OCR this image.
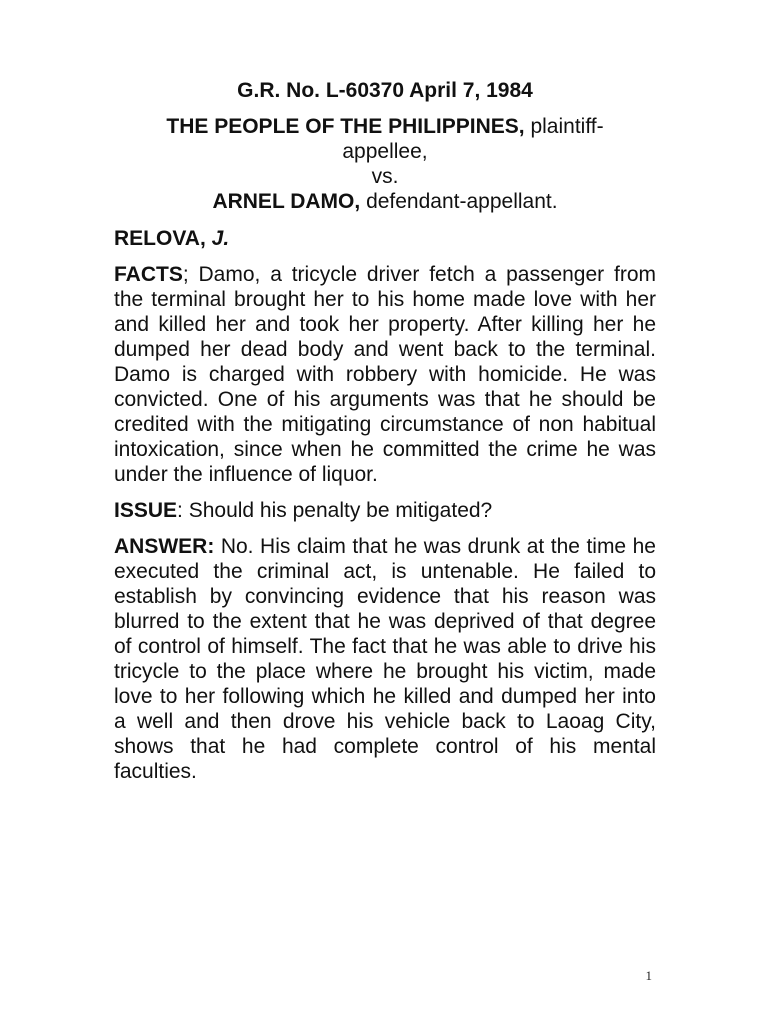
G.R. No. L-60370 April 7, 1984
THE PEOPLE OF THE PHILIPPINES, plaintiff-
appellee,
vs.
ARNEL DAMO, defendant-appellant.
RELOVA, J.
FACTS; Damo, a tricycle driver fetch a passenger from the terminal brought her to his home made love with her and killed her and took her property. After killing her he dumped her dead body and went back to the terminal. Damo is charged with robbery with homicide. He was convicted. One of his arguments was that he should be credited with the mitigating circumstance of non habitual intoxication, since when he committed the crime he was under the influence of liquor.
ISSUE: Should his penalty be mitigated?
ANSWER: No. His claim that he was drunk at the time he executed the criminal act, is untenable. He failed to establish by convincing evidence that his reason was blurred to the extent that he was deprived of that degree of control of himself. The fact that he was able to drive his tricycle to the place where he brought his victim, made love to her following which he killed and dumped her into a well and then drove his vehicle back to Laoag City, shows that he had complete control of his mental faculties.
1
